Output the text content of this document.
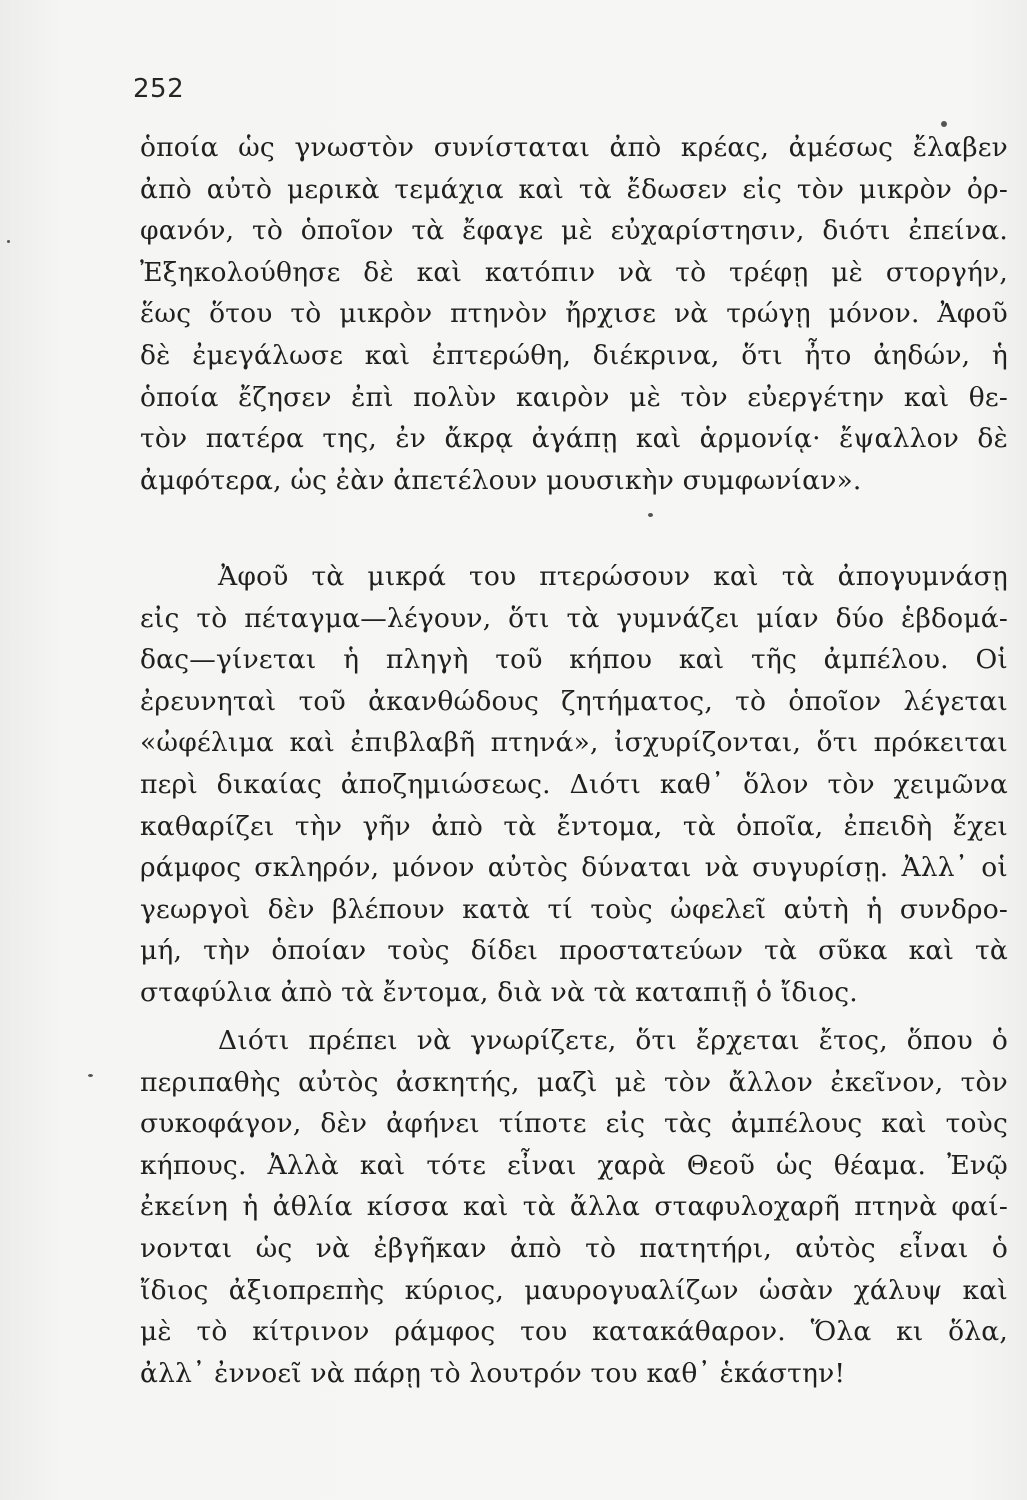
252
ὁποία ὡς γνωστὸν συνίσταται ἀπὸ κρέας, ἀμέσως ἔλαβεν
ἀπὸ αὐτὸ μερικὰ τεμάχια καὶ τὰ ἔδωσεν εἰς τὸν μικρὸν ὀρ-
φανόν, τὸ ὁποῖον τὰ ἔφαγε μὲ εὐχαρίστησιν, διότι ἐπείνα.
Ἐξηκολούθησε δὲ καὶ κατόπιν νὰ τὸ τρέφῃ μὲ στοργήν,
ἕως ὅτου τὸ μικρὸν πτηνὸν ἤρχισε νὰ τρώγῃ μόνον. Ἀφοῦ
δὲ ἐμεγάλωσε καὶ ἐπτερώθη, διέκρινα, ὅτι ἦτο ἀηδών, ἡ
ὁποία ἔζησεν ἐπὶ πολὺν καιρὸν μὲ τὸν εὐεργέτην καὶ θε-
τὸν πατέρα της, ἐν ἄκρᾳ ἀγάπῃ καὶ ἁρμονίᾳ· ἔψαλλον δὲ
ἀμφότερα, ὡς ἐὰν ἀπετέλουν μουσικὴν συμφωνίαν».
Ἀφοῦ τὰ μικρά του πτερώσουν καὶ τὰ ἀπογυμνάσῃ
εἰς τὸ πέταγμα—λέγουν, ὅτι τὰ γυμνάζει μίαν δύο ἑβδομά-
δας—γίνεται ἡ πληγὴ τοῦ κήπου καὶ τῆς ἀμπέλου. Οἱ
ἐρευνηταὶ τοῦ ἀκανθώδους ζητήματος, τὸ ὁποῖον λέγεται
«ὠφέλιμα καὶ ἐπιβλαβῆ πτηνά», ἰσχυρίζονται, ὅτι πρόκειται
περὶ δικαίας ἀποζημιώσεως. Διότι καθ᾽ ὅλον τὸν χειμῶνα
καθαρίζει τὴν γῆν ἀπὸ τὰ ἔντομα, τὰ ὁποῖα, ἐπειδὴ ἔχει
ράμφος σκληρόν, μόνον αὐτὸς δύναται νὰ συγυρίσῃ. Ἀλλ᾽ οἱ
γεωργοὶ δὲν βλέπουν κατὰ τί τοὺς ὠφελεῖ αὐτὴ ἡ συνδρο-
μή, τὴν ὁποίαν τοὺς δίδει προστατεύων τὰ σῦκα καὶ τὰ
σταφύλια ἀπὸ τὰ ἔντομα, διὰ νὰ τὰ καταπιῇ ὁ ἴδιος.
Διότι πρέπει νὰ γνωρίζετε, ὅτι ἔρχεται ἔτος, ὅπου ὁ
περιπαθὴς αὐτὸς ἀσκητής, μαζὶ μὲ τὸν ἄλλον ἐκεῖνον, τὸν
συκοφάγον, δὲν ἀφήνει τίποτε εἰς τὰς ἀμπέλους καὶ τοὺς
κήπους. Ἀλλὰ καὶ τότε εἶναι χαρὰ Θεοῦ ὡς θέαμα. Ἐνῷ
ἐκείνη ἡ ἀθλία κίσσα καὶ τὰ ἄλλα σταφυλοχαρῆ πτηνὰ φαί-
νονται ὡς νὰ ἐβγῆκαν ἀπὸ τὸ πατητήρι, αὐτὸς εἶναι ὁ
ἴδιος ἀξιοπρεπὴς κύριος, μαυρογυαλίζων ὡσὰν χάλυψ καὶ
μὲ τὸ κίτρινον ράμφος του κατακάθαρον. Ὅλα κι ὅλα,
ἀλλ᾽ ἐννοεῖ νὰ πάρῃ τὸ λουτρόν του καθ᾽ ἑκάστην!
